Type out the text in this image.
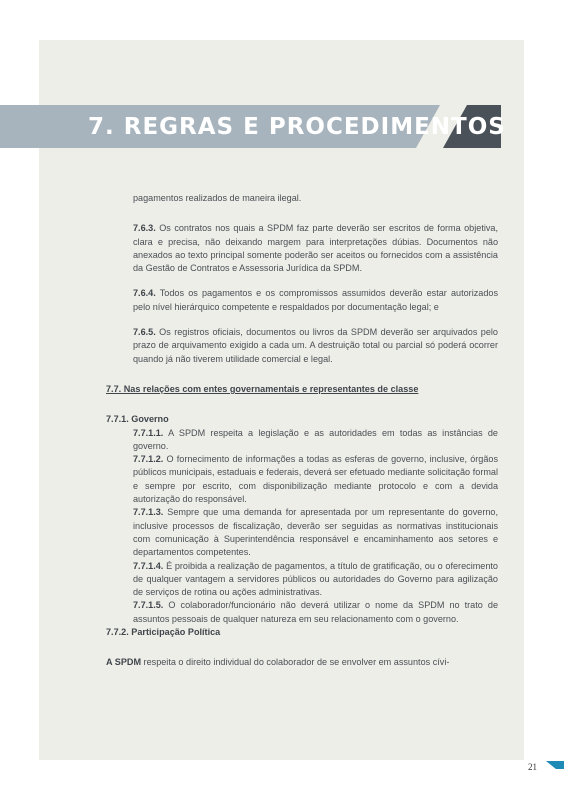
7. REGRAS E PROCEDIMENTOS

pagamentos realizados de maneira ilegal.

7.6.3. Os contratos nos quais a SPDM faz parte deverão ser escritos de forma objetiva, clara e precisa, não deixando margem para interpretações dúbias. Documentos não anexados ao texto principal somente poderão ser aceitos ou fornecidos com a assistência da Gestão de Contratos e Assessoria Jurídica da SPDM.

7.6.4. Todos os pagamentos e os compromissos assumidos deverão estar autorizados pelo nível hierárquico competente e respaldados por documentação legal; e

7.6.5. Os registros oficiais, documentos ou livros da SPDM deverão ser arquivados pelo prazo de arquivamento exigido a cada um. A destruição total ou parcial só poderá ocorrer quando já não tiverem utilidade comercial e legal.

7.7. Nas relações com entes governamentais e representantes de classe

7.7.1. Governo

7.7.1.1. A SPDM respeita a legislação e as autoridades em todas as instâncias de governo.

7.7.1.2. O fornecimento de informações a todas as esferas de governo, inclusive, órgãos públicos municipais, estaduais e federais, deverá ser efetuado mediante solicitação formal e sempre por escrito, com disponibilização mediante protocolo e com a devida autorização do responsável.

7.7.1.3. Sempre que uma demanda for apresentada por um representante do governo, inclusive processos de fiscalização, deverão ser seguidas as normativas institucionais com comunicação à Superintendência responsável e encaminhamento aos setores e departamentos competentes.

7.7.1.4. É proibida a realização de pagamentos, a título de gratificação, ou o oferecimento de qualquer vantagem a servidores públicos ou autoridades do Governo para agilização de serviços de rotina ou ações administrativas.

7.7.1.5. O colaborador/funcionário não deverá utilizar o nome da SPDM no trato de assuntos pessoais de qualquer natureza em seu relacionamento com o governo.

7.7.2. Participação Política

A SPDM respeita o direito individual do colaborador de se envolver em assuntos cívi-

21
